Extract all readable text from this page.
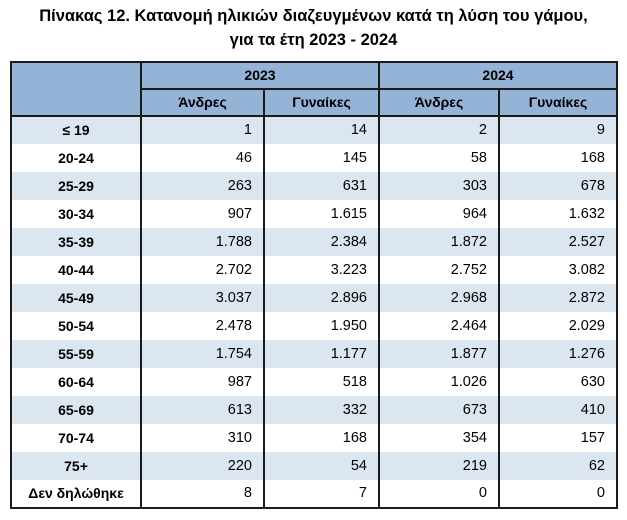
Πίνακας 12. Κατανομή ηλικιών διαζευγμένων κατά τη λύση του γάμου,
για τα έτη 2023 - 2024
	2023		2024	
	Άνδρες	Γυναίκες	Άνδρες	Γυναίκες
≤ 19	1	14	2	9
20-24	46	145	58	168
25-29	263	631	303	678
30-34	907	1.615	964	1.632
35-39	1.788	2.384	1.872	2.527
40-44	2.702	3.223	2.752	3.082
45-49	3.037	2.896	2.968	2.872
50-54	2.478	1.950	2.464	2.029
55-59	1.754	1.177	1.877	1.276
60-64	987	518	1.026	630
65-69	613	332	673	410
70-74	310	168	354	157
75+	220	54	219	62
Δεν δηλώθηκε	8	7	0	0
